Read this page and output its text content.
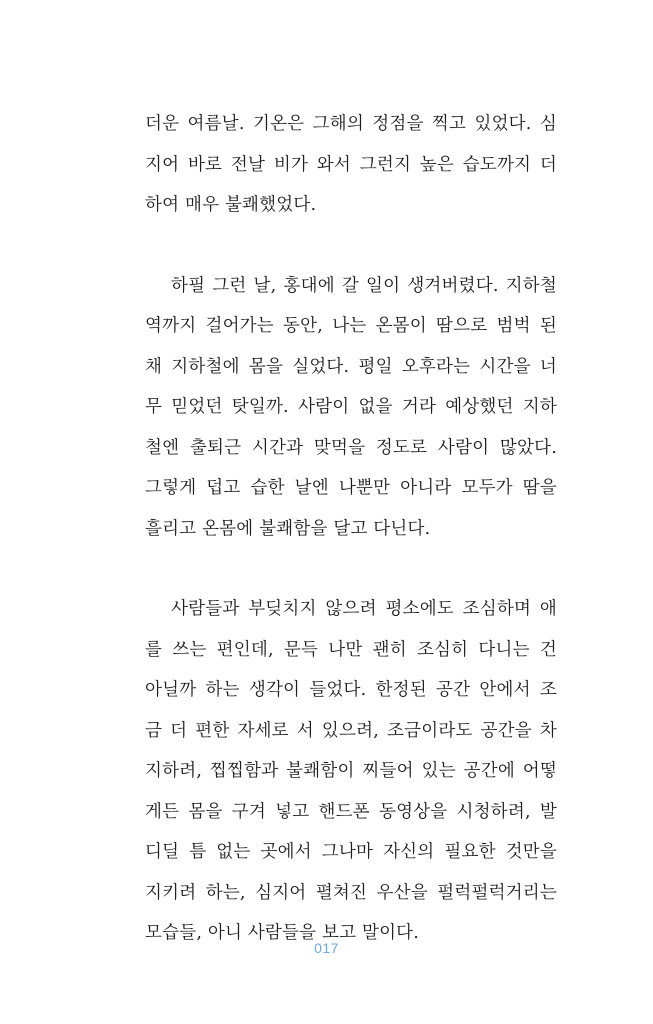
더운 여름날. 기온은 그해의 정점을 찍고 있었다. 심
지어 바로 전날 비가 와서 그런지 높은 습도까지 더
하여 매우 불쾌했었다.

하필 그런 날, 홍대에 갈 일이 생겨버렸다. 지하철
역까지 걸어가는 동안, 나는 온몸이 땀으로 범벅 된
채 지하철에 몸을 실었다. 평일 오후라는 시간을 너
무 믿었던 탓일까. 사람이 없을 거라 예상했던 지하
철엔 출퇴근 시간과 맞먹을 정도로 사람이 많았다.
그렇게 덥고 습한 날엔 나뿐만 아니라 모두가 땀을
흘리고 온몸에 불쾌함을 달고 다닌다.

사람들과 부딪치지 않으려 평소에도 조심하며 애
를 쓰는 편인데, 문득 나만 괜히 조심히 다니는 건
아닐까 하는 생각이 들었다. 한정된 공간 안에서 조
금 더 편한 자세로 서 있으려, 조금이라도 공간을 차
지하려, 찝찝함과 불쾌함이 찌들어 있는 공간에 어떻
게든 몸을 구겨 넣고 핸드폰 동영상을 시청하려, 발
디딜 틈 없는 곳에서 그나마 자신의 필요한 것만을
지키려 하는, 심지어 펼쳐진 우산을 펄럭펄럭거리는
모습들, 아니 사람들을 보고 말이다.

017
